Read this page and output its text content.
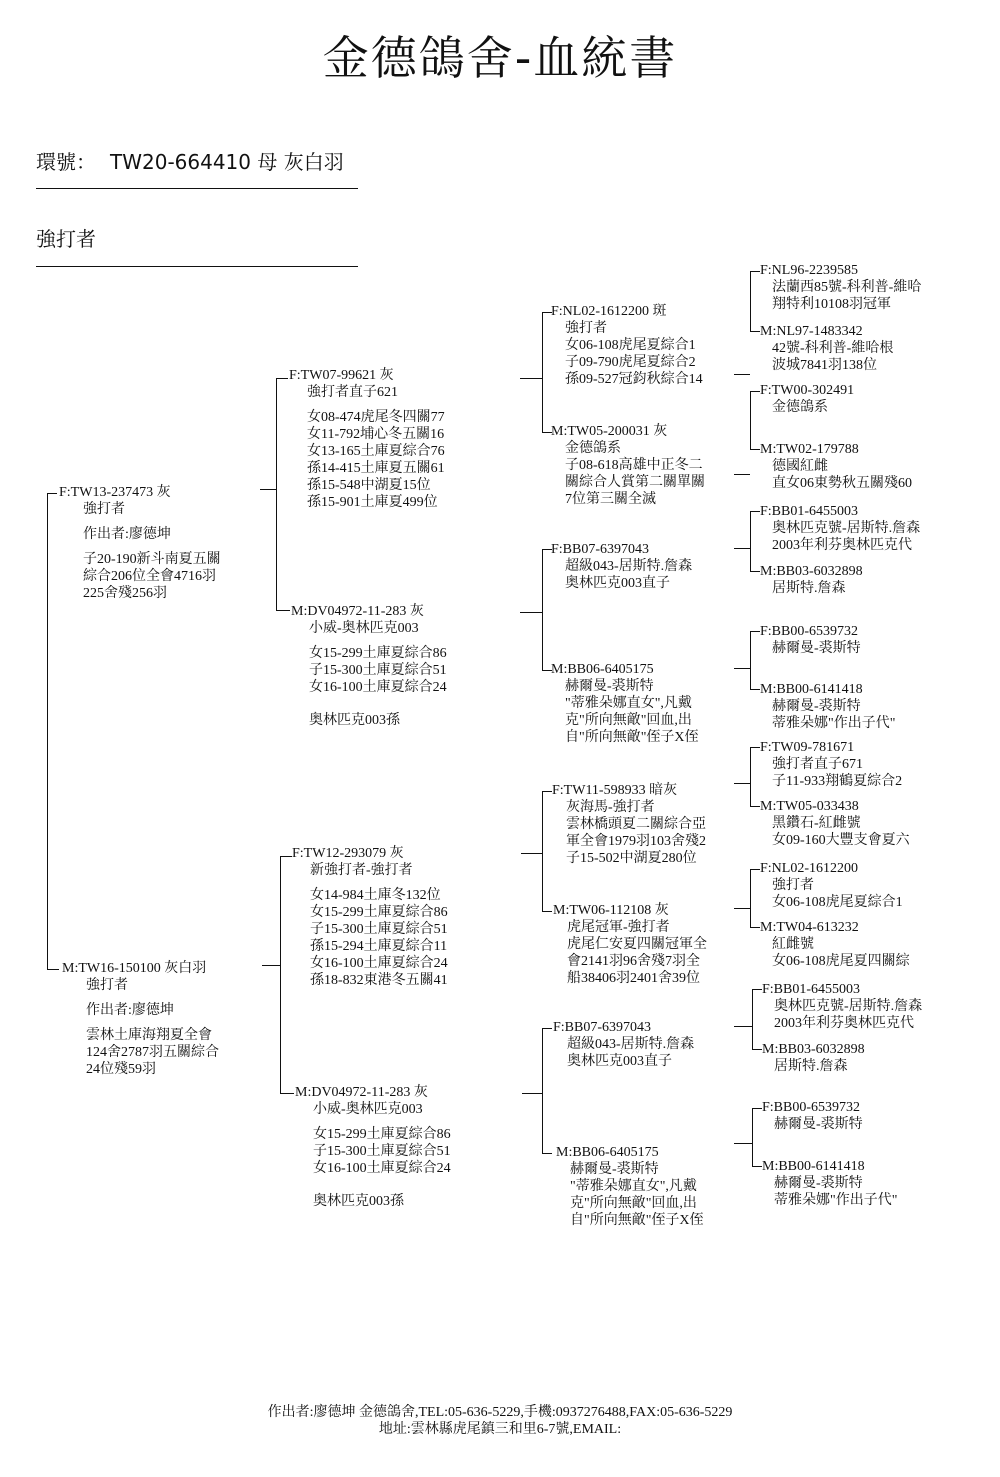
金德鴿舍-血統書
環號： TW20-664410 母 灰白羽
強打者
F:TW13-237473 灰
強打者
作出者:廖德坤
子20-190新斗南夏五關
綜合206位全會4716羽
225舍殘256羽
M:TW16-150100 灰白羽
強打者
作出者:廖德坤
雲林土庫海翔夏全會
124舍2787羽五關綜合
24位殘59羽
F:TW07-99621 灰
強打者直子621
女08-474虎尾冬四關77
女11-792埔心冬五關16
女13-165土庫夏綜合76
孫14-415土庫夏五關61
孫15-548中湖夏15位
孫15-901土庫夏499位
M:DV04972-11-283 灰
小威-奥林匹克003
女15-299土庫夏綜合86
子15-300土庫夏綜合51
女16-100土庫夏綜合24
奥林匹克003孫
F:TW12-293079 灰
新強打者-強打者
女14-984土庫冬132位
女15-299土庫夏綜合86
子15-300土庫夏綜合51
孫15-294土庫夏綜合11
女16-100土庫夏綜合24
孫18-832東港冬五關41
M:DV04972-11-283 灰
小威-奥林匹克003
女15-299土庫夏綜合86
子15-300土庫夏綜合51
女16-100土庫夏綜合24
奥林匹克003孫
F:NL02-1612200 斑
強打者
女06-108虎尾夏綜合1
子09-790虎尾夏綜合2
孫09-527冠鈞秋綜合14
M:TW05-200031 灰
金德鴿系
子08-618高雄中正冬二
關綜合人賞第二關單關
7位第三關全滅
F:BB07-6397043
超級043-居斯特.詹森
奥林匹克003直子
M:BB06-6405175
赫爾曼-裘斯特
"蒂雅朵娜直女",凡戴
克"所向無敵"回血,出
自"所向無敵"侄子X侄
F:TW11-598933 暗灰
灰海馬-強打者
雲林橋頭夏二關綜合亞
軍全會1979羽103舍殘2
子15-502中湖夏280位
M:TW06-112108 灰
虎尾冠軍-強打者
虎尾仁安夏四關冠軍全
會2141羽96舍殘7羽全
船38406羽2401舍39位
F:BB07-6397043
超級043-居斯特.詹森
奥林匹克003直子
M:BB06-6405175
赫爾曼-裘斯特
"蒂雅朵娜直女",凡戴
克"所向無敵"回血,出
自"所向無敵"侄子X侄
F:NL96-2239585
法蘭西85號-科利普-維哈
翔特利10108羽冠軍
M:NL97-1483342
42號-科利普-維哈根
波城7841羽138位
F:TW00-302491
金德鴿系
M:TW02-179788
德國紅雌
直女06東勢秋五關殘60
F:BB01-6455003
奥林匹克號-居斯特.詹森
2003年利芬奥林匹克代
M:BB03-6032898
居斯特.詹森
F:BB00-6539732
赫爾曼-裘斯特
M:BB00-6141418
赫爾曼-裘斯特
蒂雅朵娜"作出子代"
F:TW09-781671
強打者直子671
子11-933翔鶴夏綜合2
M:TW05-033438
黑鑽石-紅雌號
女09-160大豐支會夏六
F:NL02-1612200
強打者
女06-108虎尾夏綜合1
M:TW04-613232
紅雌號
女06-108虎尾夏四關綜
F:BB01-6455003
奥林匹克號-居斯特.詹森
2003年利芬奥林匹克代
M:BB03-6032898
居斯特.詹森
F:BB00-6539732
赫爾曼-裘斯特
M:BB00-6141418
赫爾曼-裘斯特
蒂雅朵娜"作出子代"
作出者:廖德坤 金德鴿舍,TEL:05-636-5229,手機:0937276488,FAX:05-636-5229
地址:雲林縣虎尾鎮三和里6-7號,EMAIL:
